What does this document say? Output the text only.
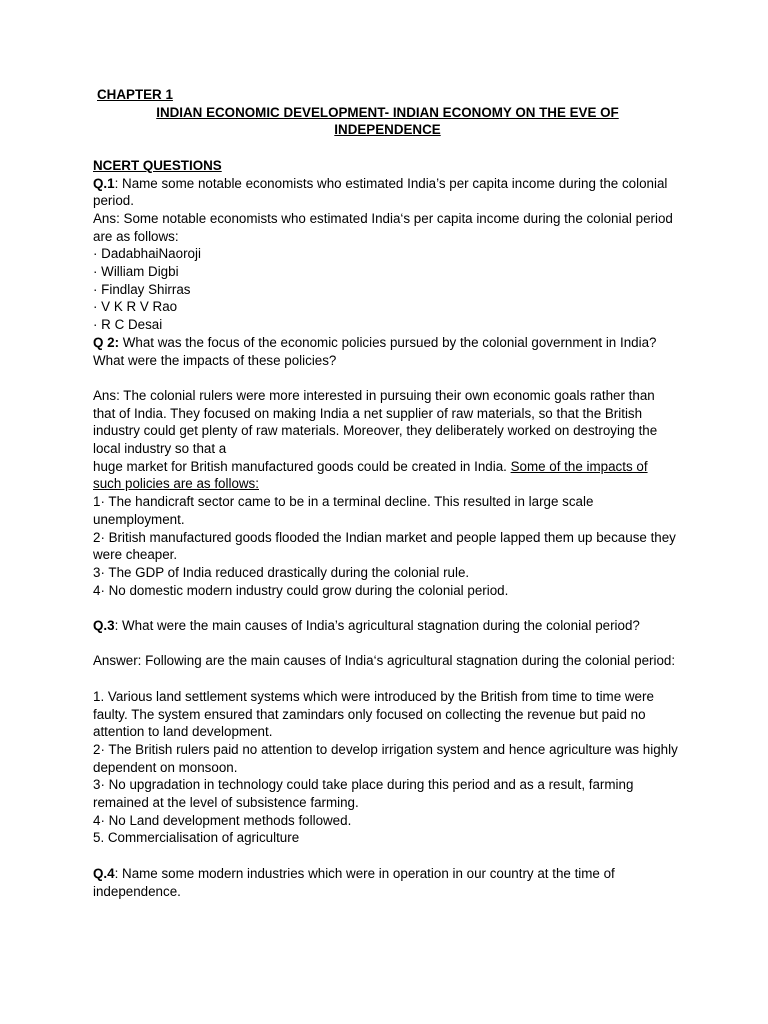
CHAPTER 1
INDIAN ECONOMIC DEVELOPMENT- INDIAN ECONOMY ON THE EVE OF INDEPENDENCE
NCERT QUESTIONS

Q.1: Name some notable economists who estimated India’s per capita income during the colonial period.

Ans: Some notable economists who estimated India‘s per capita income during the colonial period are as follows:

· DadabhaiNaoroji

· William Digbi

· Findlay Shirras

· V K R V Rao

· R C Desai

Q 2: What was the focus of the economic policies pursued by the colonial government in India? What were the impacts of these policies?

Ans: The colonial rulers were more interested in pursuing their own economic goals rather than that of India. They focused on making India a net supplier of raw materials, so that the British industry could get plenty of raw materials. Moreover, they deliberately worked on destroying the local industry so that a

huge market for British manufactured goods could be created in India. Some of the impacts of such policies are as follows:

1· The handicraft sector came to be in a terminal decline. This resulted in large scale unemployment.

2· British manufactured goods flooded the Indian market and people lapped them up because they were cheaper.

3· The GDP of India reduced drastically during the colonial rule.

4· No domestic modern industry could grow during the colonial period.

Q.3: What were the main causes of India’s agricultural stagnation during the colonial period?

Answer: Following are the main causes of India‘s agricultural stagnation during the colonial period:

1. Various land settlement systems which were introduced by the British from time to time were faulty. The system ensured that zamindars only focused on collecting the revenue but paid no attention to land development.

2· The British rulers paid no attention to develop irrigation system and hence agriculture was highly dependent on monsoon.

3· No upgradation in technology could take place during this period and as a result, farming remained at the level of subsistence farming.

4· No Land development methods followed.

5. Commercialisation of agriculture

Q.4: Name some modern industries which were in operation in our country at the time of independence.
